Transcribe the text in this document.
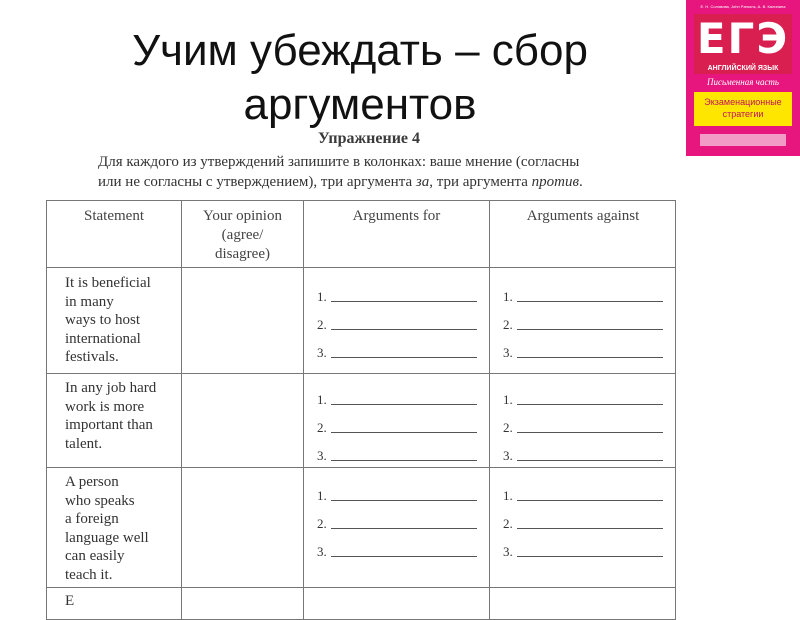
Учим убеждать – сбор аргументов
Е. Н. Соловова, John Parsons, А. В. Калинина
ЕГЭ
АНГЛИЙСКИЙ ЯЗЫК
Письменная часть
Экзаменационные стратегии
Упражнение 4
Для каждого из утверждений запишите в колонках: ваше мнение (согласны
или не согласны с утверждением), три аргумента за, три аргумента против.
Statement	Your opinion
(agree/
disagree)
Arguments for	Arguments against
It is beneficial
in many
ways to host
international
festivals.
In any job hard
work is more
important than
talent.
A person
who speaks
a foreign
language well
can easily
teach it.
E
1.
2.
3.
1.
2.
3.
1.
2.
3.
1.
2.
3.
1.
2.
3.
1.
2.
3.
